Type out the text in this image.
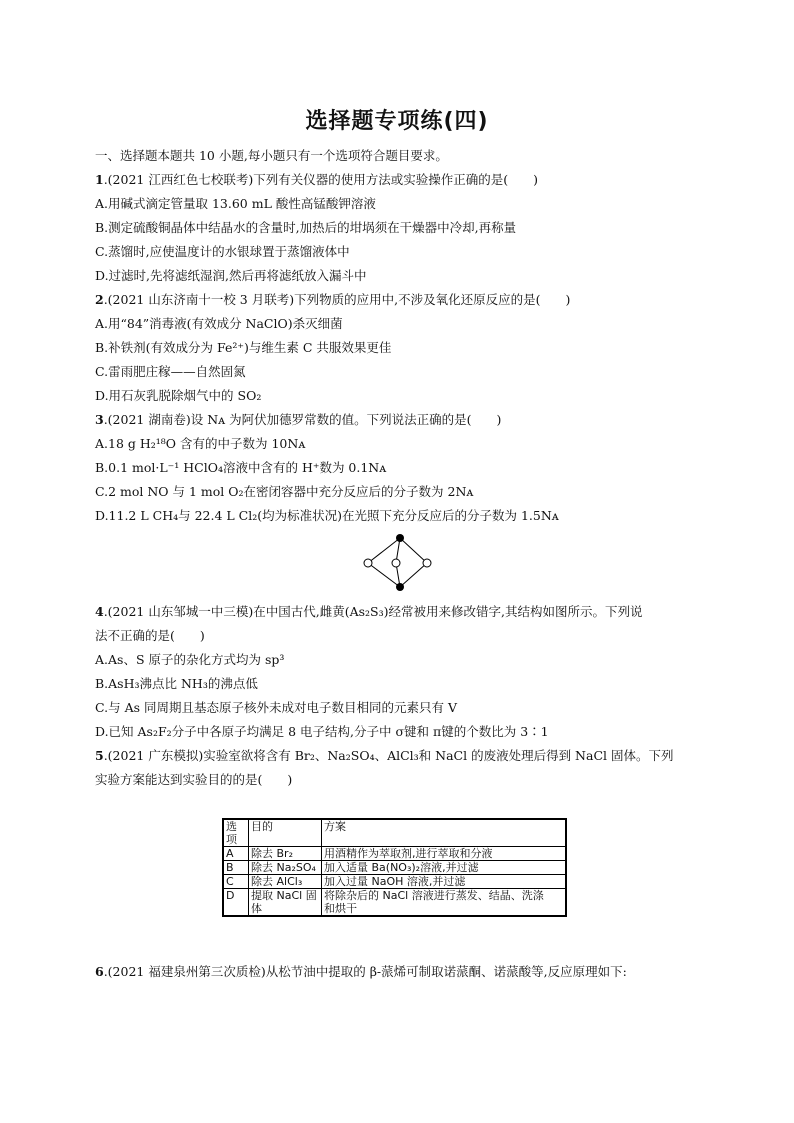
选择题专项练(四)
一、选择题本题共 10 小题,每小题只有一个选项符合题目要求。
1.(2021 江西红色七校联考)下列有关仪器的使用方法或实验操作正确的是(　　)
A.用碱式滴定管量取 13.60 mL 酸性高锰酸钾溶液
B.测定硫酸铜晶体中结晶水的含量时,加热后的坩埚须在干燥器中冷却,再称量
C.蒸馏时,应使温度计的水银球置于蒸馏液体中
D.过滤时,先将滤纸湿润,然后再将滤纸放入漏斗中
2.(2021 山东济南十一校 3 月联考)下列物质的应用中,不涉及氧化还原反应的是(　　)
A.用“84”消毒液(有效成分 NaClO)杀灭细菌
B.补铁剂(有效成分为 Fe²⁺)与维生素 C 共服效果更佳
C.雷雨肥庄稼——自然固氮
D.用石灰乳脱除烟气中的 SO₂
3.(2021 湖南卷)设 Nᴀ 为阿伏加德罗常数的值。下列说法正确的是(　　)
A.18 g H₂¹⁸O 含有的中子数为 10Nᴀ
B.0.1 mol·L⁻¹ HClO₄溶液中含有的 H⁺数为 0.1Nᴀ
C.2 mol NO 与 1 mol O₂在密闭容器中充分反应后的分子数为 2Nᴀ
D.11.2 L CH₄与 22.4 L Cl₂(均为标准状况)在光照下充分反应后的分子数为 1.5Nᴀ
4.(2021 山东邹城一中三模)在中国古代,雌黄(As₂S₃)经常被用来修改错字,其结构如图所示。下列说
法不正确的是(　　)
A.As、S 原子的杂化方式均为 sp³
B.AsH₃沸点比 NH₃的沸点低
C.与 As 同周期且基态原子核外未成对电子数目相同的元素只有 V
D.已知 As₂F₂分子中各原子均满足 8 电子结构,分子中 σ键和 π键的个数比为 3∶1
5.(2021 广东模拟)实验室欲将含有 Br₂、Na₂SO₄、AlCl₃和 NaCl 的废液处理后得到 NaCl 固体。下列
实验方案能达到实验目的的是(　　)
选
项	目的	方案
A	除去 Br₂	用酒精作为萃取剂,进行萃取和分液
B	除去 Na₂SO₄	加入适量 Ba(NO₃)₂溶液,并过滤
C	除去 AlCl₃	加入过量 NaOH 溶液,并过滤
D	提取 NaCl 固
体	将除杂后的 NaCl 溶液进行蒸发、结晶、洗涤
和烘干
6.(2021 福建泉州第三次质检)从松节油中提取的 β-蒎烯可制取诺蒎酮、诺蒎酸等,反应原理如下:
